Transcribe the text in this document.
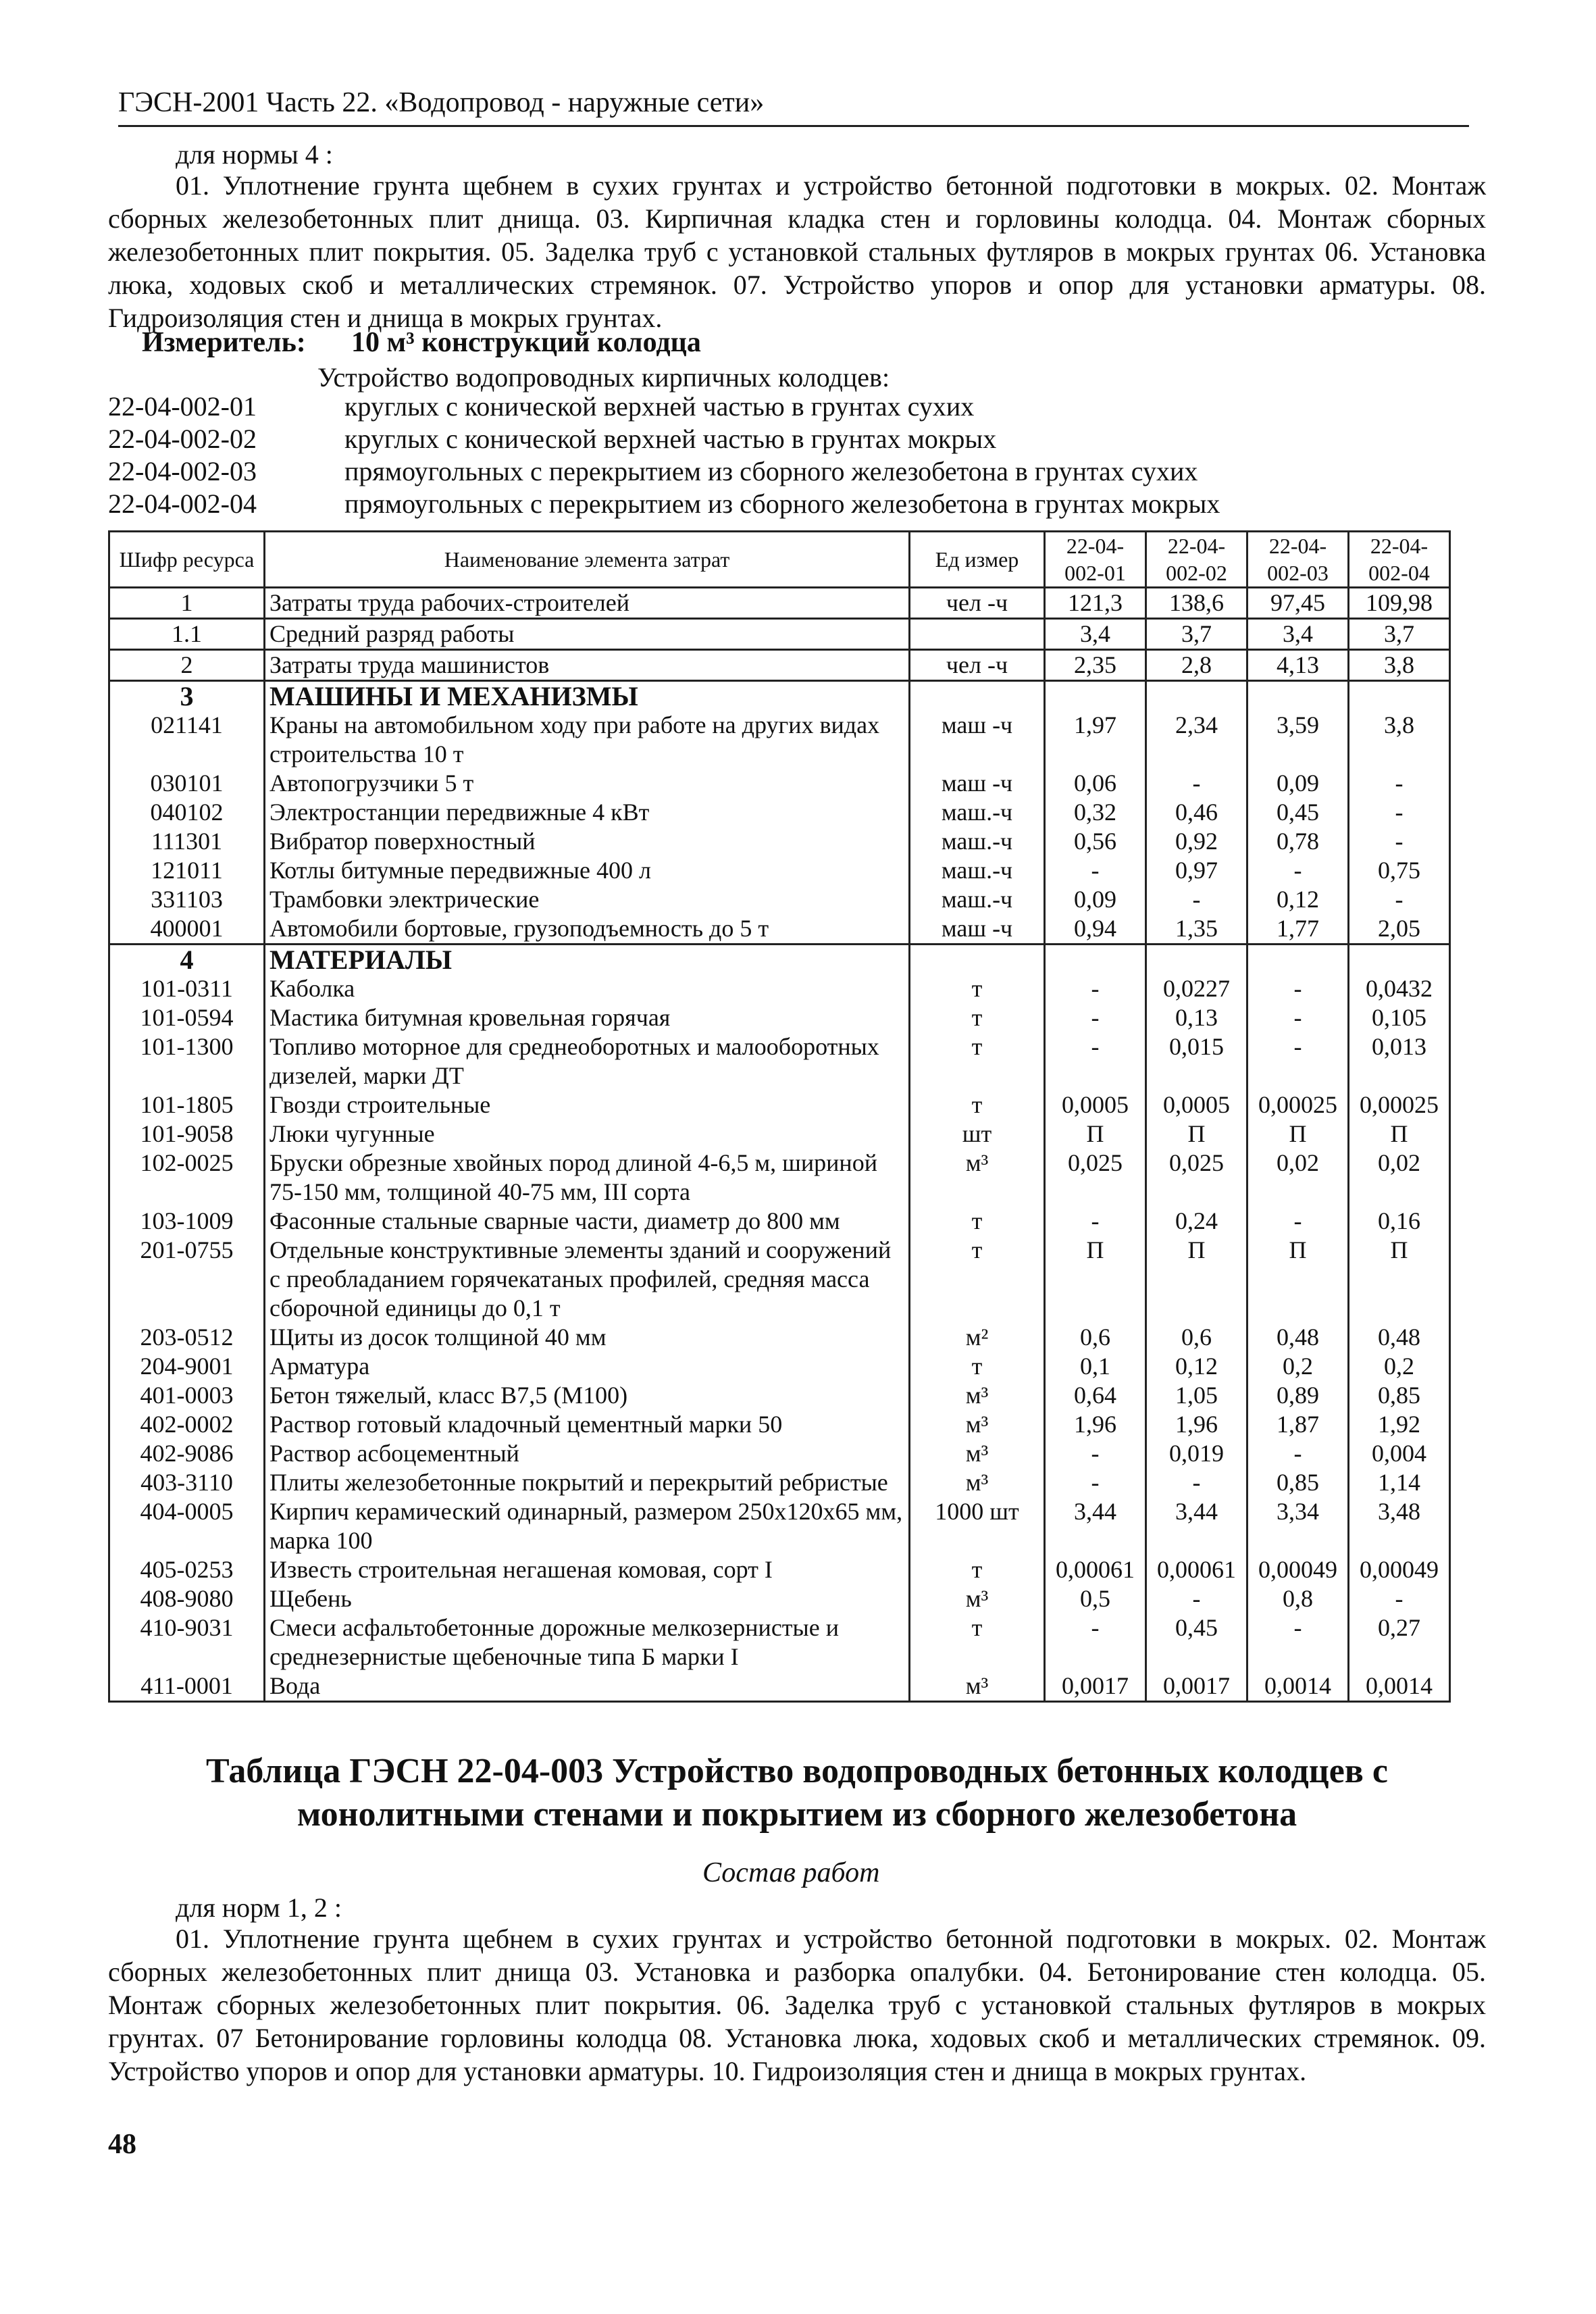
ГЭСН-2001 Часть 22. «Водопровод - наружные сети»
для нормы 4 :
01. Уплотнение грунта щебнем в сухих грунтах и устройство бетонной подготовки в мокрых. 02. Монтаж сборных железобетонных плит днища. 03. Кирпичная кладка стен и горловины колодца. 04. Монтаж сборных железобетонных плит покрытия. 05. Заделка труб с установкой стальных футляров в мокрых грунтах 06. Установка люка, ходовых скоб и металлических стремянок. 07. Устройство упоров и опор для установки арматуры. 08. Гидроизоляция стен и днища в мокрых грунтах.
Измеритель: 10 м³ конструкций колодца
Устройство водопроводных кирпичных колодцев:
22-04-002-01	круглых с конической верхней частью в грунтах сухих
22-04-002-02	круглых с конической верхней частью в грунтах мокрых
22-04-002-03	прямоугольных с перекрытием из сборного железобетона в грунтах сухих
22-04-002-04	прямоугольных с перекрытием из сборного железобетона в грунтах мокрых
Шифр ресурса	Наименование элемента затрат	Ед измер	22-04-002-01	22-04-002-02	22-04-002-03	22-04-002-04
1	Затраты труда рабочих-строителей	чел -ч	121,3	138,6	97,45	109,98
1.1	Средний разряд работы		3,4	3,7	3,4	3,7
2	Затраты труда машинистов	чел -ч	2,35	2,8	4,13	3,8
3	МАШИНЫ И МЕХАНИЗМЫ					
021141	Краны на автомобильном ходу при работе на других видах строительства 10 т	маш -ч	1,97	2,34	3,59	3,8
030101	Автопогрузчики 5 т	маш -ч	0,06	-	0,09	-
040102	Электростанции передвижные 4 кВт	маш.-ч	0,32	0,46	0,45	-
111301	Вибратор поверхностный	маш.-ч	0,56	0,92	0,78	-
121011	Котлы битумные передвижные 400 л	маш.-ч	-	0,97	-	0,75
331103	Трамбовки электрические	маш.-ч	0,09	-	0,12	-
400001	Автомобили бортовые, грузоподъемность до 5 т	маш -ч	0,94	1,35	1,77	2,05
4	МАТЕРИАЛЫ					
101-0311	Каболка	т	-	0,0227	-	0,0432
101-0594	Мастика битумная кровельная горячая	т	-	0,13	-	0,105
101-1300	Топливо моторное для среднеоборотных и малооборотных дизелей, марки ДТ	т	-	0,015	-	0,013
101-1805	Гвозди строительные	т	0,0005	0,0005	0,00025	0,00025
101-9058	Люки чугунные	шт	П	П	П	П
102-0025	Бруски обрезные хвойных пород длиной 4-6,5 м, шириной 75-150 мм, толщиной 40-75 мм, III сорта	м³	0,025	0,025	0,02	0,02
103-1009	Фасонные стальные сварные части, диаметр до 800 мм	т	-	0,24	-	0,16
201-0755	Отдельные конструктивные элементы зданий и сооружений с преобладанием горячекатаных профилей, средняя масса сборочной единицы до 0,1 т	т	П	П	П	П
203-0512	Щиты из досок толщиной 40 мм	м²	0,6	0,6	0,48	0,48
204-9001	Арматура	т	0,1	0,12	0,2	0,2
401-0003	Бетон тяжелый, класс В7,5 (М100)	м³	0,64	1,05	0,89	0,85
402-0002	Раствор готовый кладочный цементный марки 50	м³	1,96	1,96	1,87	1,92
402-9086	Раствор асбоцементный	м³	-	0,019	-	0,004
403-3110	Плиты железобетонные покрытий и перекрытий ребристые	м³	-	-	0,85	1,14
404-0005	Кирпич керамический одинарный, размером 250х120х65 мм, марка 100	1000 шт	3,44	3,44	3,34	3,48
405-0253	Известь строительная негашеная комовая, сорт I	т	0,00061	0,00061	0,00049	0,00049
408-9080	Щебень	м³	0,5	-	0,8	-
410-9031	Смеси асфальтобетонные дорожные мелкозернистые и среднезернистые щебеночные типа Б марки I	т	-	0,45	-	0,27
411-0001	Вода	м³	0,0017	0,0017	0,0014	0,0014
Таблица ГЭСН 22-04-003 Устройство водопроводных бетонных колодцев с монолитными стенами и покрытием из сборного железобетона
Состав работ
для норм 1, 2 :
01. Уплотнение грунта щебнем в сухих грунтах и устройство бетонной подготовки в мокрых. 02. Монтаж сборных железобетонных плит днища 03. Установка и разборка опалубки. 04. Бетонирование стен колодца. 05. Монтаж сборных железобетонных плит покрытия. 06. Заделка труб с установкой стальных футляров в мокрых грунтах. 07 Бетонирование горловины колодца 08. Установка люка, ходовых скоб и металлических стремянок. 09. Устройство упоров и опор для установки арматуры. 10. Гидроизоляция стен и днища в мокрых грунтах.
48
